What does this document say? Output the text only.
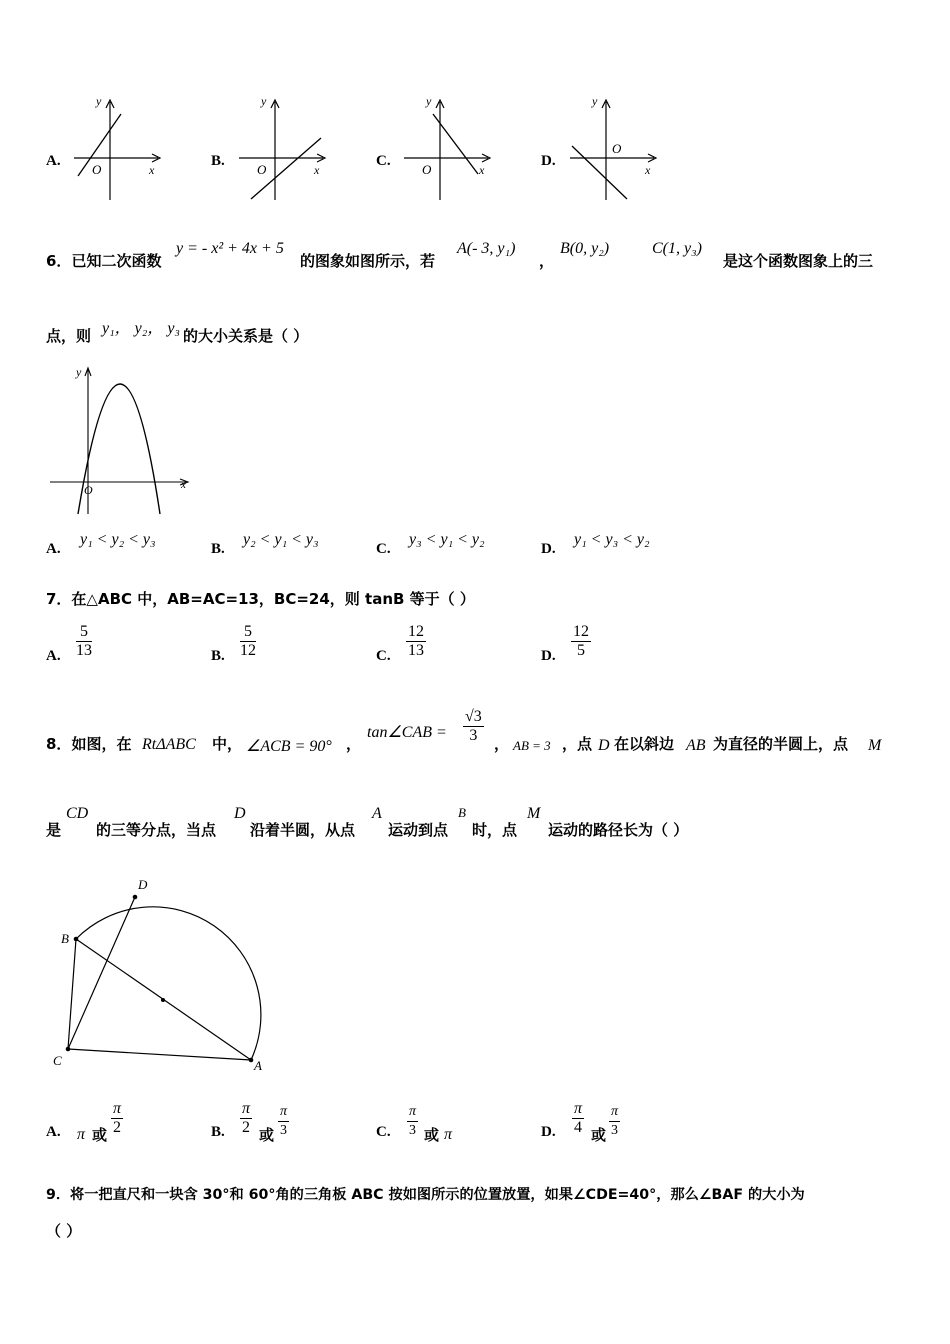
A.
y
O	x
B.
y
O	x
C.
y
O	x
D.
y
O
x
6．已知二次函数
y = - x² + 4x + 5
的图象如图所示，若
A(- 3, y₁)
，
B(0, y₂)	C(1, y₃)
是这个函数图象上的三
点，则 y₁， y₂， y₃ 的大小关系是（ ）
y
O	x
A.
y₁ < y₂ < y₃
B.
y₂ < y₁ < y₃
C.
y₃ < y₁ < y₂
D.
y₁ < y₃ < y₂
7．在△ABC 中，AB=AC=13，BC=24，则 tanB 等于（ ）
A. $\frac{5}{13}$	B. $\frac{5}{12}$	C. $\frac{12}{13}$	D. $\frac{12}{5}$
8．如图，在 RtΔABC 中， ∠ACB = 90° ，
tan∠CAB = $\frac{√3}{3}$ ， AB = 3 ，点 D 在以斜边 AB 为直径的半圆上，点 M
是
CD
的三等分点，当点
D
沿着半圆，从点
A
运动到点
B
时，点
M
运动的路径长为（ ）
D
B
C	A
A. π 或 $\frac{\pi}{2}$	B. $\frac{\pi}{2}$ 或 $\frac{\pi}{3}$	C. $\frac{\pi}{3}$ 或 π	D. $\frac{\pi}{4}$ 或 $\frac{\pi}{3}$
9．将一把直尺和一块含 30°和 60°角的三角板 ABC 按如图所示的位置放置，如果∠CDE=40°，那么∠BAF 的大小为
（ ）
